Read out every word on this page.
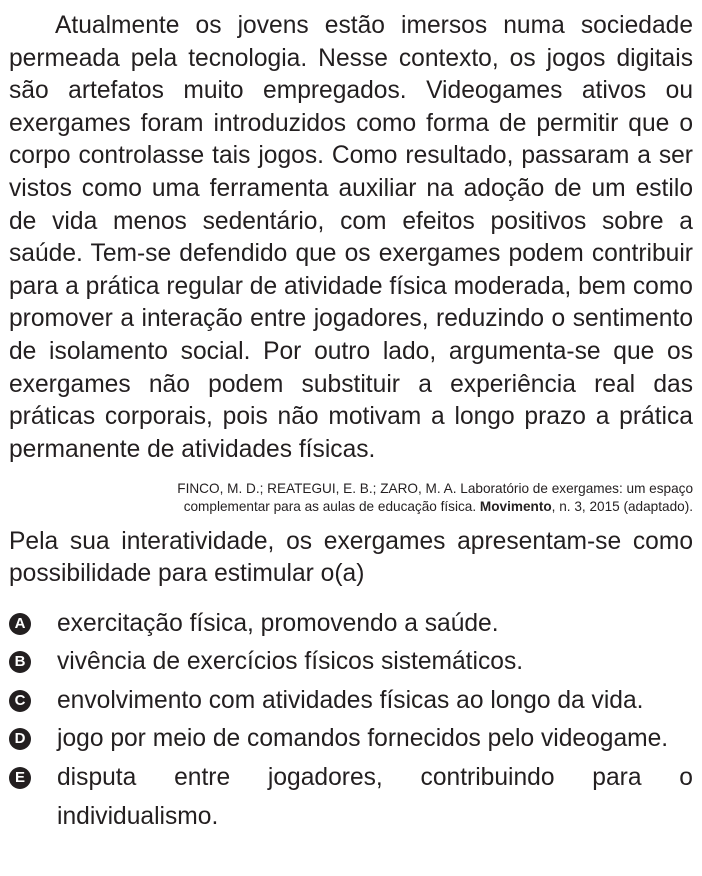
Atualmente os jovens estão imersos numa sociedade permeada pela tecnologia. Nesse contexto, os jogos digitais são artefatos muito empregados. Videogames ativos ou exergames foram introduzidos como forma de permitir que o corpo controlasse tais jogos. Como resultado, passaram a ser vistos como uma ferramenta auxiliar na adoção de um estilo de vida menos sedentário, com efeitos positivos sobre a saúde. Tem-se defendido que os exergames podem contribuir para a prática regular de atividade física moderada, bem como promover a interação entre jogadores, reduzindo o sentimento de isolamento social. Por outro lado, argumenta-se que os exergames não podem substituir a experiência real das práticas corporais, pois não motivam a longo prazo a prática permanente de atividades físicas.

FINCO, M. D.; REATEGUI, E. B.; ZARO, M. A. Laboratório de exergames: um espaço
complementar para as aulas de educação física. Movimento, n. 3, 2015 (adaptado).

Pela sua interatividade, os exergames apresentam-se como possibilidade para estimular o(a)

A exercitação física, promovendo a saúde.
B vivência de exercícios físicos sistemáticos.
C envolvimento com atividades físicas ao longo da vida.
D jogo por meio de comandos fornecidos pelo videogame.
E disputa entre jogadores, contribuindo para o
individualismo.
